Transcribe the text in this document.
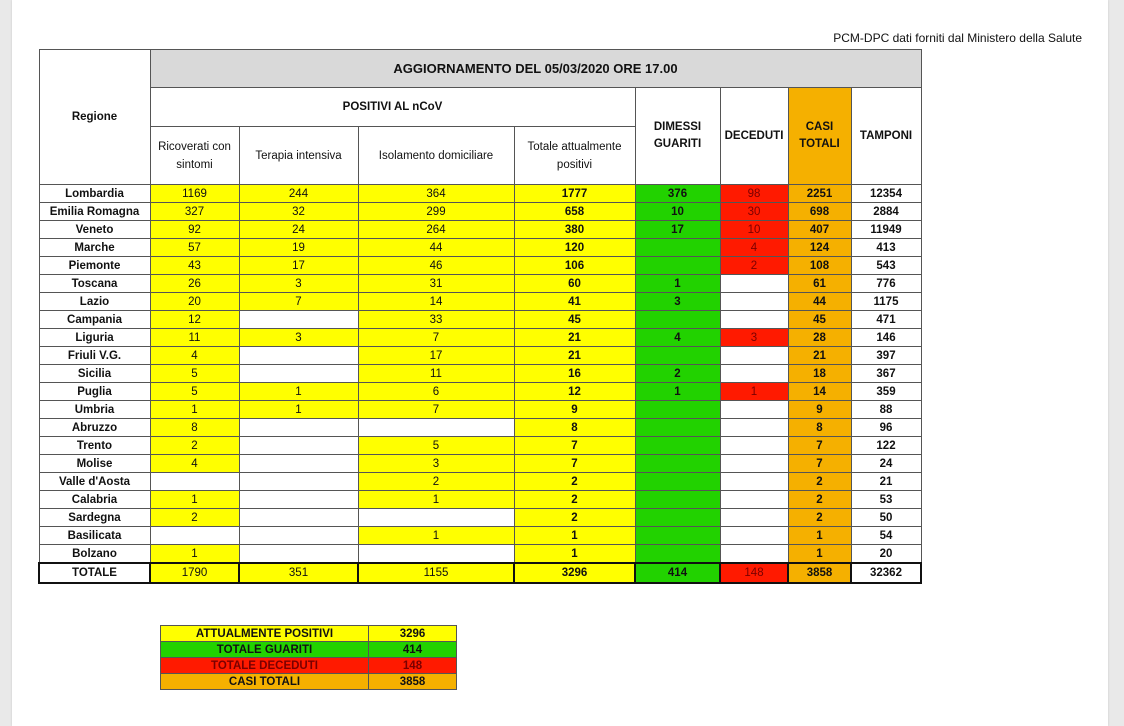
PCM-DPC dati forniti dal Ministero della Salute
Regione	AGGIORNAMENTO DEL 05/03/2020 ORE 17.00							
	POSITIVI AL nCoV				DIMESSI GUARITI	DECEDUTI	CASI TOTALI	TAMPONI
	Ricoverati con sintomi	Terapia intensiva	Isolamento domiciliare	Totale attualmente positivi				
Lombardia	1169	244	364	1777	376	98	2251	12354
Emilia Romagna	327	32	299	658	10	30	698	2884
Veneto	92	24	264	380	17	10	407	11949
Marche	57	19	44	120		4	124	413
Piemonte	43	17	46	106		2	108	543
Toscana	26	3	31	60	1		61	776
Lazio	20	7	14	41	3		44	1175
Campania	12		33	45			45	471
Liguria	11	3	7	21	4	3	28	146
Friuli V.G.	4		17	21			21	397
Sicilia	5		11	16	2		18	367
Puglia	5	1	6	12	1	1	14	359
Umbria	1	1	7	9			9	88
Abruzzo	8			8			8	96
Trento	2		5	7			7	122
Molise	4		3	7			7	24
Valle d'Aosta			2	2			2	21
Calabria	1		1	2			2	53
Sardegna	2			2			2	50
Basilicata			1	1			1	54
Bolzano	1			1			1	20
TOTALE	1790	351	1155	3296	414	148	3858	32362
ATTUALMENTE POSITIVI	3296
TOTALE GUARITI	414
TOTALE DECEDUTI	148
CASI TOTALI	3858
